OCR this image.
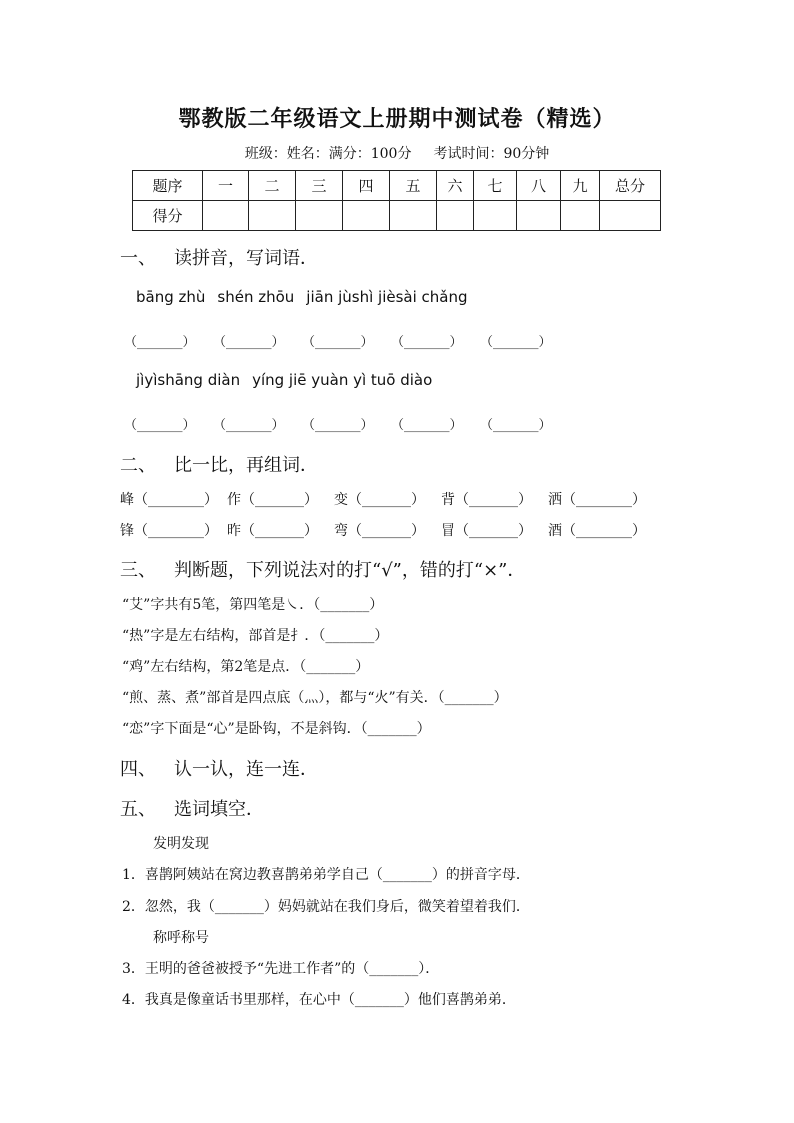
鄂教版二年级语文上册期中测试卷（精选）
班级：姓名：满分：100分 考试时间：90分钟
题序	一	二	三	四	五	六	七	八	九	总分
得分										
一、 读拼音，写词语．
bāng zhù shén zhōu jiān jùshì jièsài chǎng
（_______） （_______） （_______） （_______） （_______）
jìyìshāng diàn yíng jiē yuàn yì tuō diào
（_______） （_______） （_______） （_______） （_______）
二、 比一比，再组词．
峰（________） 作（_______） 变（_______） 背（_______） 洒（________）
锋（________） 昨（_______） 弯（_______） 冒（_______） 酒（________）
三、 判断题，下列说法对的打“√”，错的打“×”．
“艾”字共有5笔，第四笔是㇏．（_______）
“热”字是左右结构，部首是扌．（_______）
“鸡”左右结构，第2笔是点．（_______）
“煎、蒸、煮”部首是四点底（灬），都与“火”有关．（_______）
“恋”字下面是“心”是卧钩，不是斜钩．（_______）
四、 认一认，连一连．
五、 选词填空．
发明发现
1．喜鹊阿姨站在窝边教喜鹊弟弟学自己（_______）的拼音字母．
2．忽然，我（_______）妈妈就站在我们身后，微笑着望着我们．
称呼称号
3．王明的爸爸被授予“先进工作者”的（_______）．
4．我真是像童话书里那样，在心中（_______）他们喜鹊弟弟．
